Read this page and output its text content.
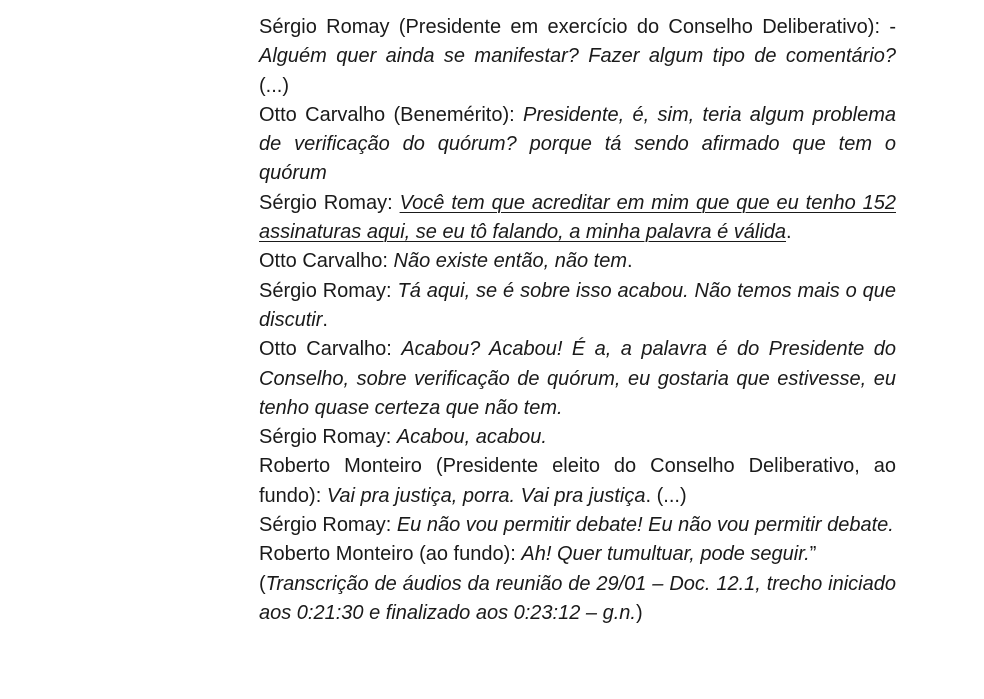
Sérgio Romay (Presidente em exercício do Conselho Deliberativo): - Alguém quer ainda se manifestar? Fazer algum tipo de comentário? (...)

Otto Carvalho (Benemérito): Presidente, é, sim, teria algum problema de verificação do quórum? porque tá sendo afirmado que tem o quórum

Sérgio Romay: Você tem que acreditar em mim que que eu tenho 152 assinaturas aqui, se eu tô falando, a minha palavra é válida.

Otto Carvalho: Não existe então, não tem.

Sérgio Romay: Tá aqui, se é sobre isso acabou. Não temos mais o que discutir.

Otto Carvalho: Acabou? Acabou! É a, a palavra é do Presidente do Conselho, sobre verificação de quórum, eu gostaria que estivesse, eu tenho quase certeza que não tem.

Sérgio Romay: Acabou, acabou.

Roberto Monteiro (Presidente eleito do Conselho Deliberativo, ao fundo): Vai pra justiça, porra. Vai pra justiça. (...)

Sérgio Romay: Eu não vou permitir debate! Eu não vou permitir debate.

Roberto Monteiro (ao fundo): Ah! Quer tumultuar, pode seguir.”

(Transcrição de áudios da reunião de 29/01 – Doc. 12.1, trecho iniciado aos 0:21:30 e finalizado aos 0:23:12 – g.n.)
